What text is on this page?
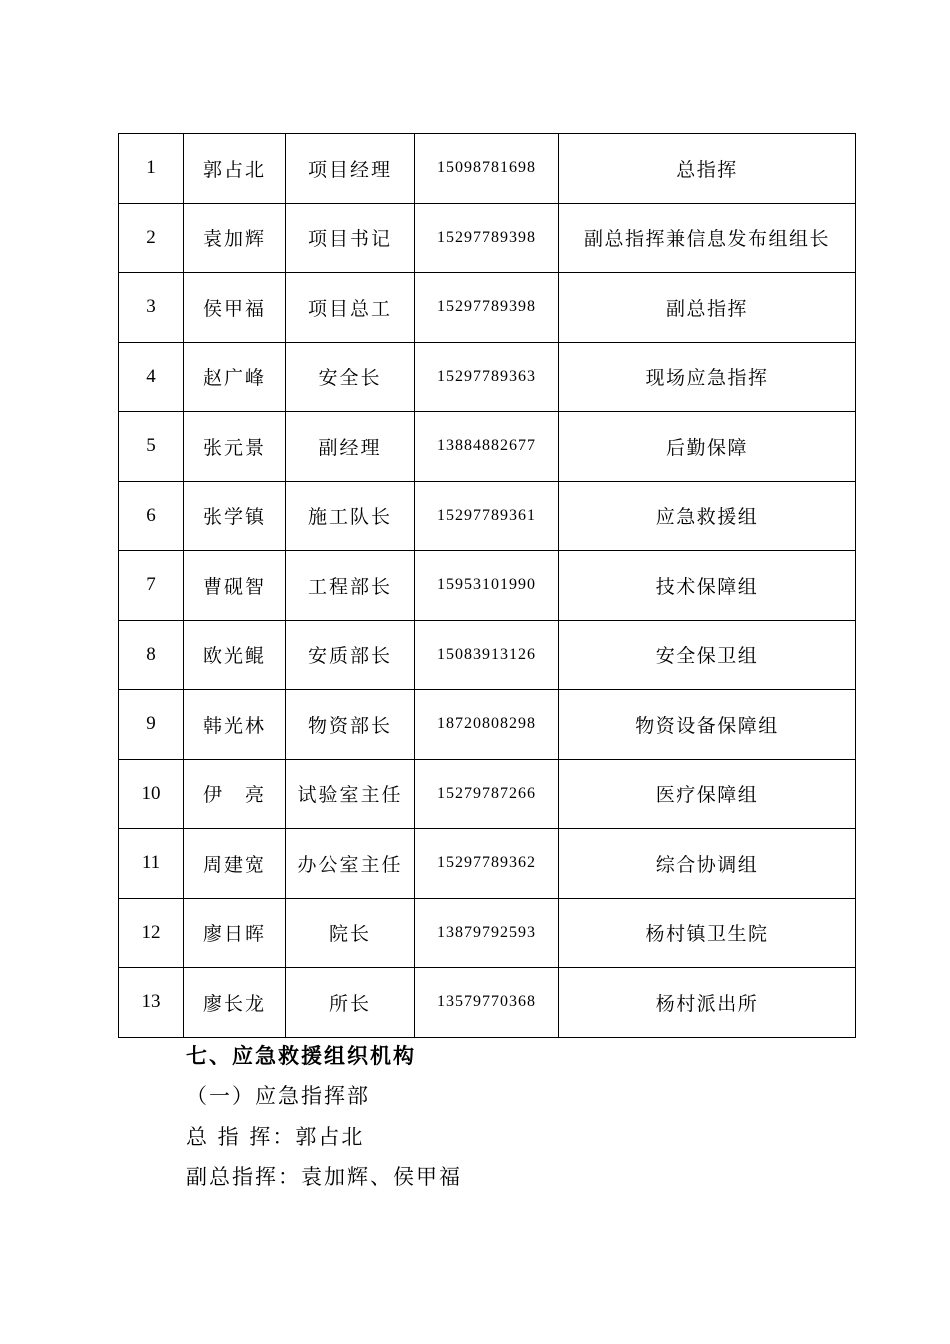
1	郭占北	项目经理	15098781698	总指挥
2	袁加辉	项目书记	15297789398	副总指挥兼信息发布组组长
3	侯甲福	项目总工	15297789398	副总指挥
4	赵广峰	安全长	15297789363	现场应急指挥
5	张元景	副经理	13884882677	后勤保障
6	张学镇	施工队长	15297789361	应急救援组
7	曹砚智	工程部长	15953101990	技术保障组
8	欧光鲲	安质部长	15083913126	安全保卫组
9	韩光林	物资部长	18720808298	物资设备保障组
10	伊　亮	试验室主任	15279787266	医疗保障组
11	周建宽	办公室主任	15297789362	综合协调组
12	廖日晖	院长	13879792593	杨村镇卫生院
13	廖长龙	所长	13579770368	杨村派出所
七、应急救援组织机构
（一）应急指挥部
总 指 挥：郭占北
副总指挥：袁加辉、侯甲福
